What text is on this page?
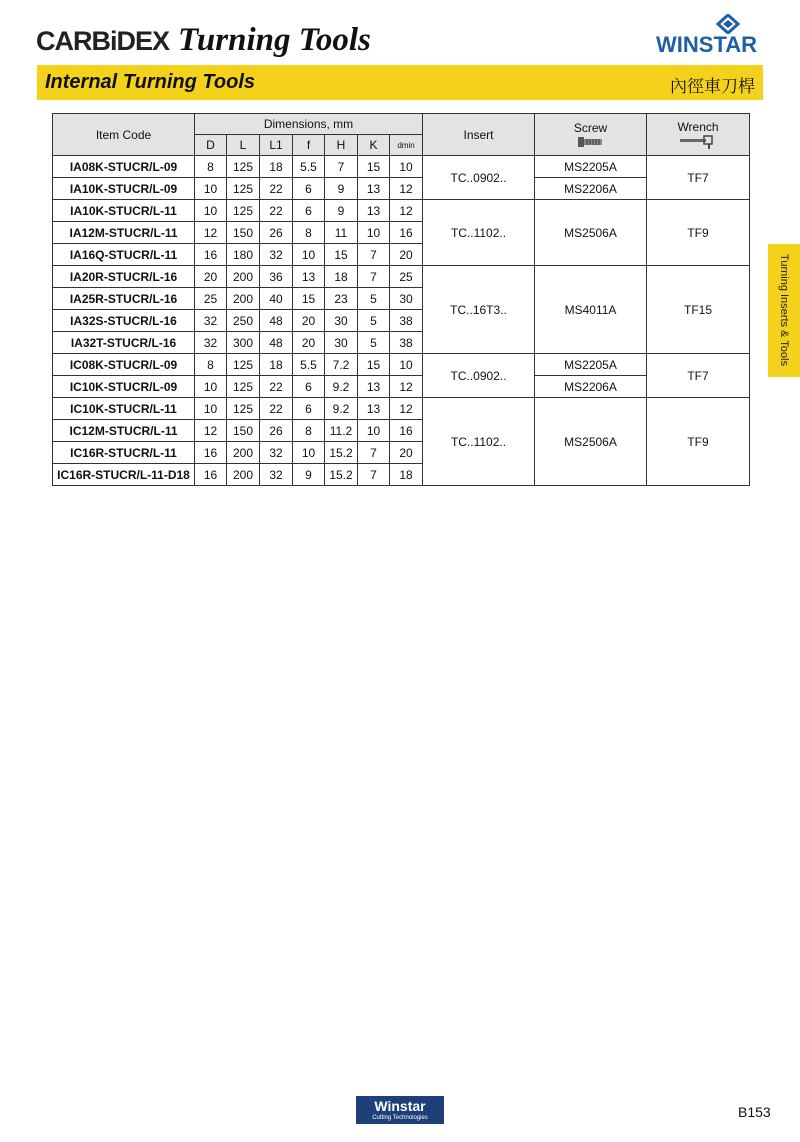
CARBiDEX Turning Tools	WINSTAR
Internal Turning Tools	內徑車刀桿
Turning Inserts & Tools
Item Code	Dimensions, mm							Insert	Screw	Wrench

	D	L	L1	f	H	K	dmin			
IA08K-STUCR/L-09	8	125	18	5.5	7	15	10	TC..0902..	MS2205A	TF7
IA10K-STUCR/L-09	10	125	22	6	9	13	12		MS2206A	
IA10K-STUCR/L-11	10	125	22	6	9	13	12	TC..1102..	MS2506A	TF9
IA12M-STUCR/L-11	12	150	26	8	11	10	16			
IA16Q-STUCR/L-11	16	180	32	10	15	7	20			
IA20R-STUCR/L-16	20	200	36	13	18	7	25	TC..16T3..	MS4011A	TF15
IA25R-STUCR/L-16	25	200	40	15	23	5	30			
IA32S-STUCR/L-16	32	250	48	20	30	5	38			
IA32T-STUCR/L-16	32	300	48	20	30	5	38			
IC08K-STUCR/L-09	8	125	18	5.5	7.2	15	10	TC..0902..	MS2205A	TF7
IC10K-STUCR/L-09	10	125	22	6	9.2	13	12		MS2206A	
IC10K-STUCR/L-11	10	125	22	6	9.2	13	12	TC..1102..	MS2506A	TF9
IC12M-STUCR/L-11	12	150	26	8	11.2	10	16			
IC16R-STUCR/L-11	16	200	32	10	15.2	7	20			
IC16R-STUCR/L-11-D18	16	200	32	9	15.2	7	18			
Winstar
Cutting Technologies	B153
